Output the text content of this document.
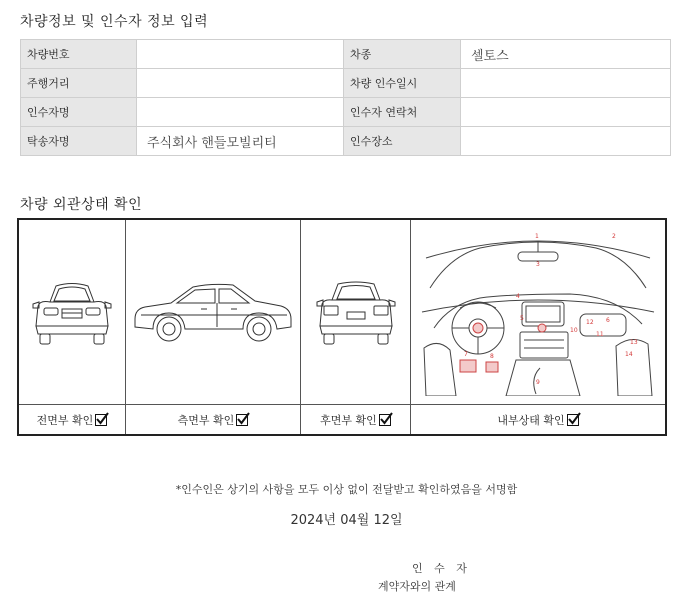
차량정보 및 인수자 정보 입력
차량번호		차종	셀토스
주행거리		차량 인수일시	
인수자명		인수자 연락처	
탁송자명	주식회사 핸들모빌리티	인수장소	
차량 외관상태 확인
전면부 확인	측면부 확인	후면부 확인
1	2
3
4
5	6
7	8
9
10
11
12
13
14
내부상태 확인
*인수인은 상기의 사항을 모두 이상 없이 전달받고 확인하였음을 서명함
2024년 04월 12일
인 수 자
계약자와의 관계
